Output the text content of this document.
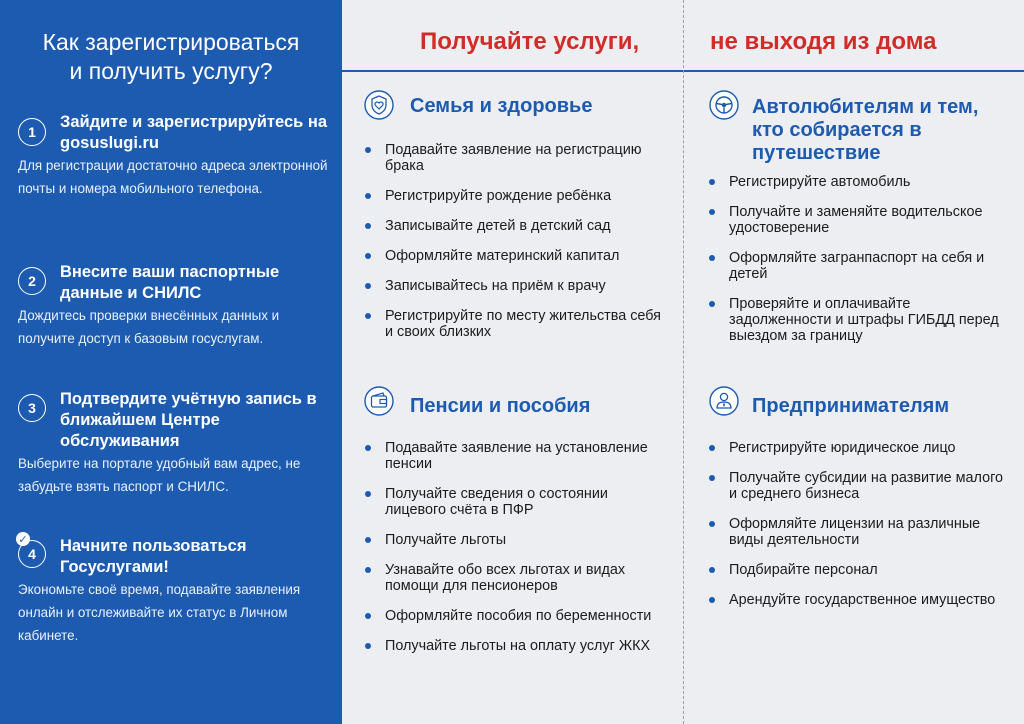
Как зарегистрироваться
и получить услугу?
1
Зайдите и зарегистрируйтесь на gosuslugi.ru
Для регистрации достаточно адреса электронной почты и номера мобильного телефона.
2	Внесите ваши паспортные данные и СНИЛС
Дождитесь проверки внесённых данных и получите доступ к базовым госуслугам.
3	Подтвердите учётную запись в ближайшем Центре обслуживания
Выберите на портале удобный вам адрес, не забудьте взять паспорт и СНИЛС.
4
✓ Начните пользоваться Госуслугами!
Экономьте своё время, подавайте заявления онлайн и отслеживайте их статус в Личном кабинете.
Получайте услуги,	не выходя из дома
Семья и здоровье
Подавайте заявление на регистрацию брака
Регистрируйте рождение ребёнка
Записывайте детей в детский сад
Оформляйте материнский капитал
Записывайтесь на приём к врачу
Регистрируйте по месту жительства себя и своих близких
Автолюбителям и тем, кто собирается в путешествие
Регистрируйте автомобиль
Получайте и заменяйте водительское удостоверение
Оформляйте загранпаспорт на себя и детей
Проверяйте и оплачивайте задолженности и штрафы ГИБДД перед выездом за границу
Пенсии и пособия
Подавайте заявление на установление пенсии
Получайте сведения о состоянии лицевого счёта в ПФР
Получайте льготы
Узнавайте обо всех льготах и видах помощи для пенсионеров
Оформляйте пособия по беременности
Получайте льготы на оплату услуг ЖКХ
Предпринимателям
Регистрируйте юридическое лицо
Получайте субсидии на развитие малого и среднего бизнеса
Оформляйте лицензии на различные виды деятельности
Подбирайте персонал
Арендуйте государственное имущество
